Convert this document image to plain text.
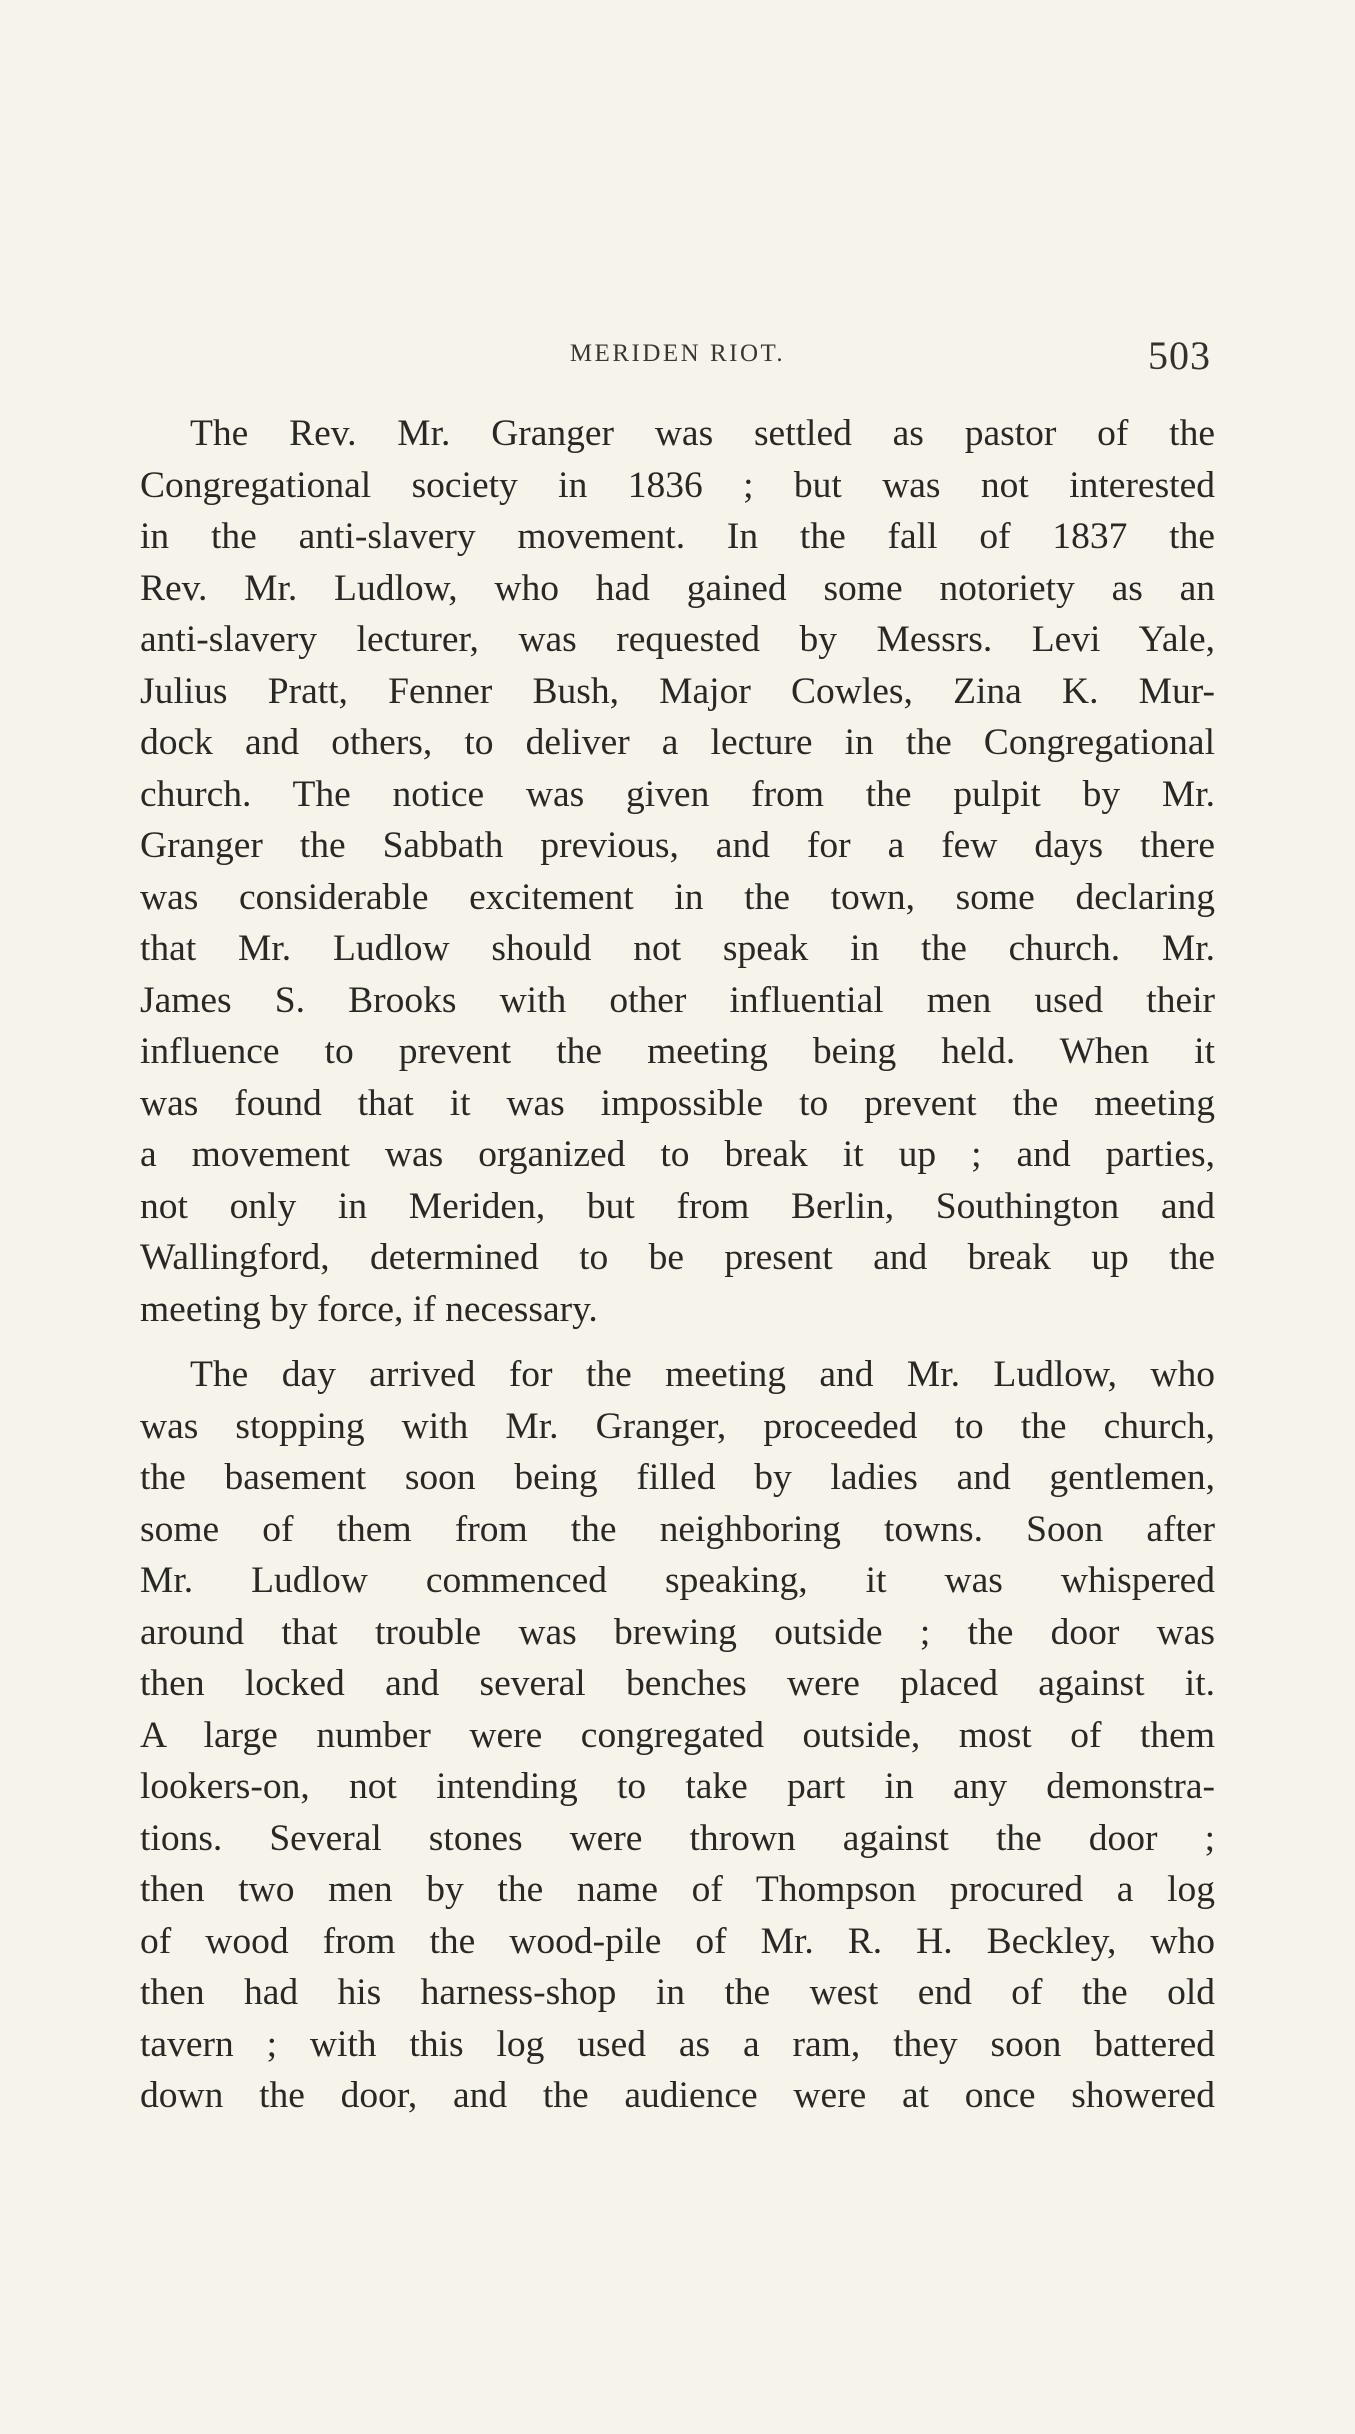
MERIDEN RIOT.	503
The Rev. Mr. Granger was settled as pastor of the
Congregational society in 1836 ; but was not interested
in the anti-slavery movement. In the fall of 1837 the
Rev. Mr. Ludlow, who had gained some notoriety as an
anti-slavery lecturer, was requested by Messrs. Levi Yale,
Julius Pratt, Fenner Bush, Major Cowles, Zina K. Mur-
dock and others, to deliver a lecture in the Congregational
church. The notice was given from the pulpit by Mr.
Granger the Sabbath previous, and for a few days there
was considerable excitement in the town, some declaring
that Mr. Ludlow should not speak in the church. Mr.
James S. Brooks with other influential men used their
influence to prevent the meeting being held. When it
was found that it was impossible to prevent the meeting
a movement was organized to break it up ; and parties,
not only in Meriden, but from Berlin, Southington and
Wallingford, determined to be present and break up the
meeting by force, if necessary.
The day arrived for the meeting and Mr. Ludlow, who
was stopping with Mr. Granger, proceeded to the church,
the basement soon being filled by ladies and gentlemen,
some of them from the neighboring towns. Soon after
Mr. Ludlow commenced speaking, it was whispered
around that trouble was brewing outside ; the door was
then locked and several benches were placed against it.
A large number were congregated outside, most of them
lookers-on, not intending to take part in any demonstra-
tions. Several stones were thrown against the door ;
then two men by the name of Thompson procured a log
of wood from the wood-pile of Mr. R. H. Beckley, who
then had his harness-shop in the west end of the old
tavern ; with this log used as a ram, they soon battered
down the door, and the audience were at once showered
